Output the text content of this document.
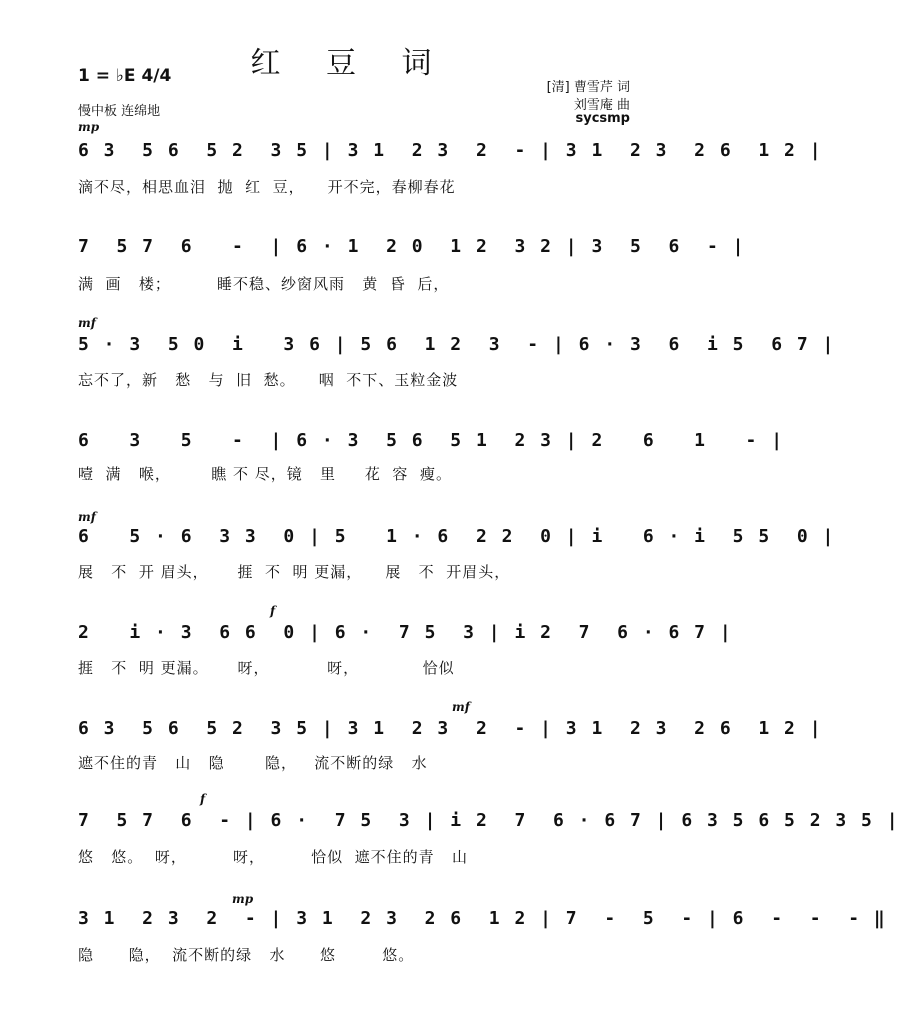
红 豆 词
1 = ♭E 4/4
慢中板 连绵地
[清] 曹雪芹 词
刘雪庵 曲
sycsmp
mp
6 3  5 6  5 2  3 5 | 3 1  2 3  2  - | 3 1  2 3  2 6  1 2 |
滴不尽，相思血泪  抛  红  豆，    开不完，春柳春花
7  5 7  6   -  | 6 · 1  2 0  1 2  3 2 | 3  5  6  - |
满  画   楼；        睡不稳、纱窗风雨   黄  昏  后，
mf
5 · 3  5 0  i   3 6 | 5 6  1 2  3  - | 6 · 3  6  i 5  6 7 |
忘不了，新   愁   与  旧  愁。    咽  不下、玉粒金波
6   3   5   -  | 6 · 3  5 6  5 1  2 3 | 2   6   1   - |
噎  满   喉，       瞧 不 尽，镜   里     花  容  瘦。
mf
6   5 · 6  3 3  0 | 5   1 · 6  2 2  0 | i   6 · i  5 5  0 |
展   不  开 眉头，     捱  不  明 更漏，    展   不  开眉头，
f
2   i · 3  6 6  0 | 6 ·  7 5  3 | i 2  7  6 · 6 7 |
捱   不  明 更漏。     呀，          呀，           恰似
mf
6 3  5 6  5 2  3 5 | 3 1  2 3  2  - | 3 1  2 3  2 6  1 2 |
遮不住的青   山   隐       隐，   流不断的绿   水
f
7  5 7  6  - | 6 ·  7 5  3 | i 2  7  6 · 6 7 | 6 3 5 6 5 2 3 5 |
悠   悠。  呀，        呀，        恰似  遮不住的青   山
mp
3 1  2 3  2  - | 3 1  2 3  2 6  1 2 | 7  -  5  - | 6  -  -  - ‖
隐      隐，  流不断的绿   水      悠        悠。
